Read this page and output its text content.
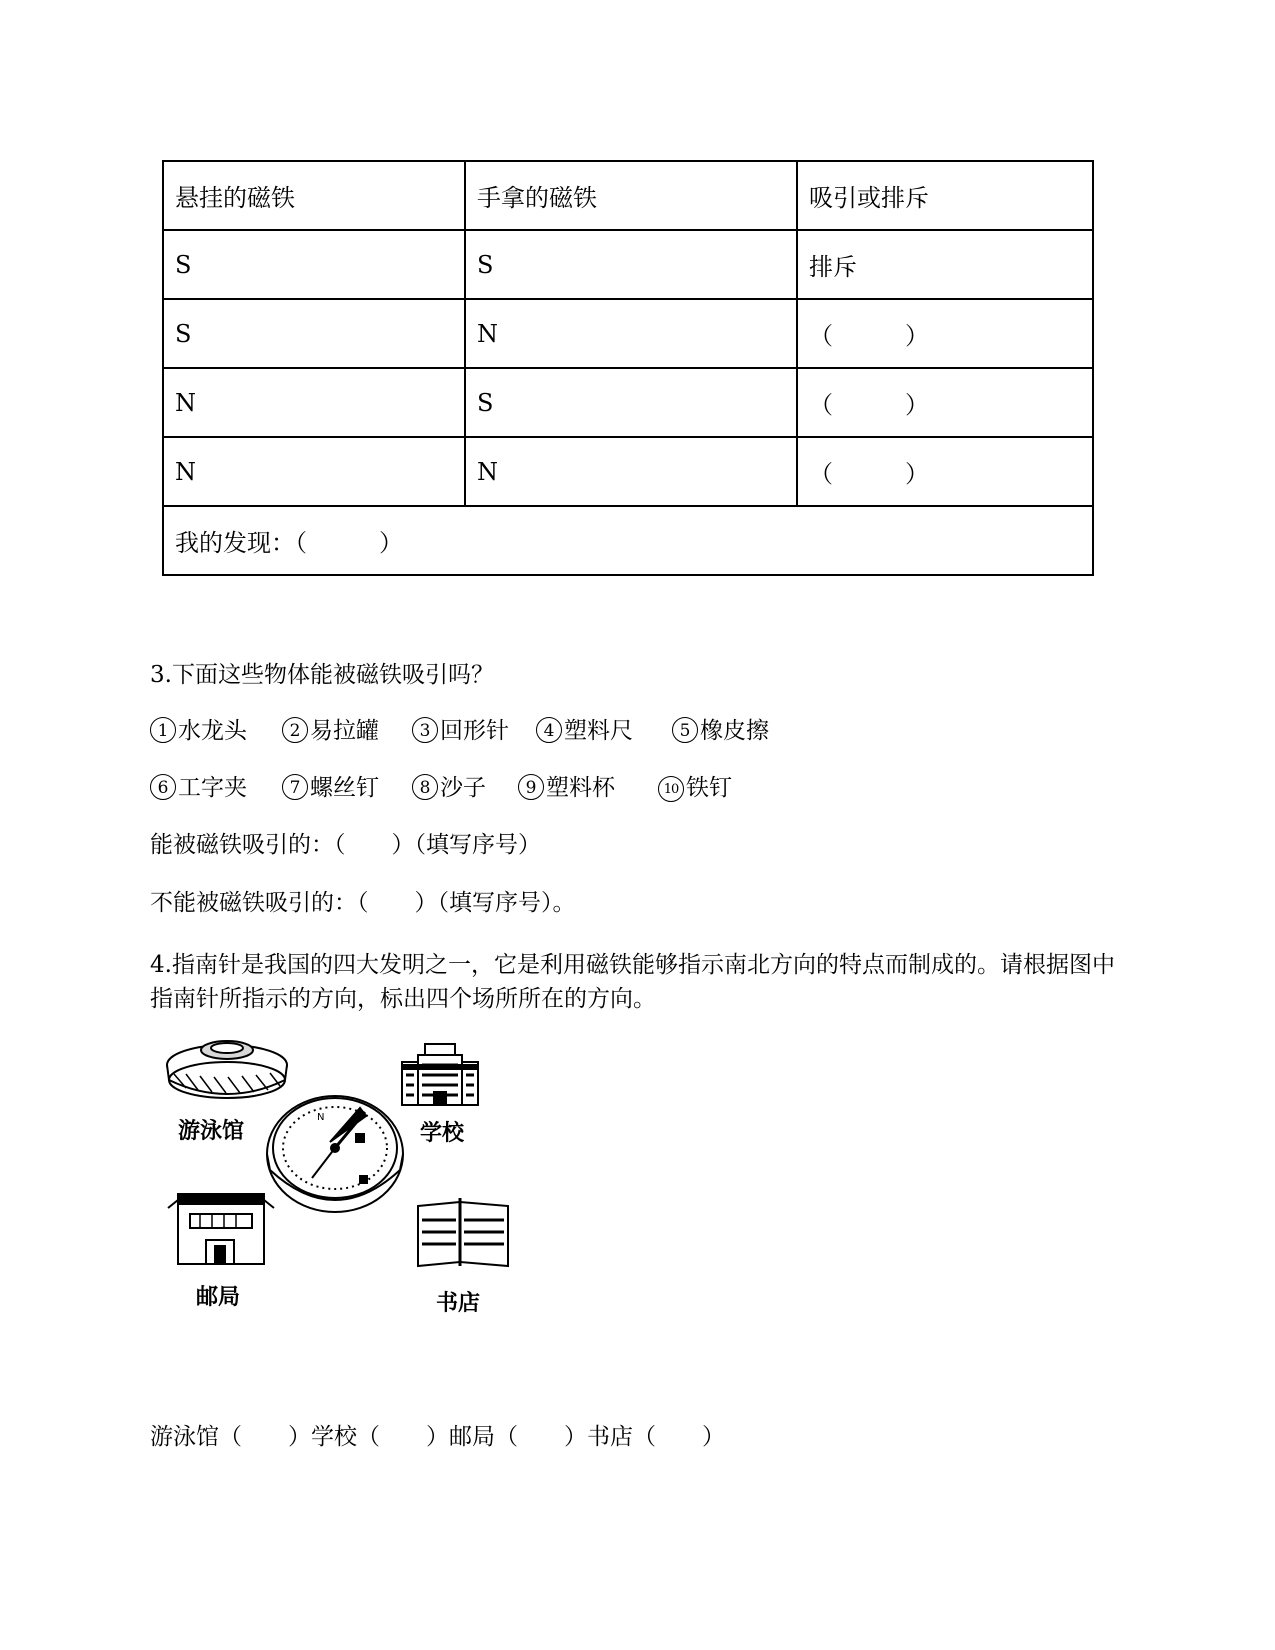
悬挂的磁铁	手拿的磁铁	吸引或排斥
S	S	排斥
S	N	（　　　）
N	S	（　　　）
N	N	（　　　）
我的发现：（　　　）		
3.下面这些物体能被磁铁吸引吗？
1 水龙头	2 易拉罐	3 回形针	4 塑料尺	5 橡皮擦
6 工字夹	7 螺丝钉	8 沙子	9 塑料杯	10 铁钉
能被磁铁吸引的：（　　）（填写序号）
不能被磁铁吸引的：（　　）（填写序号）。
4.指南针是我国的四大发明之一，它是利用磁铁能够指示南北方向的特点而制成的。请根据图中指南针所指示的方向，标出四个场所所在的方向。
N
游泳馆	学校
邮局	书店
游泳馆（　　）学校（　　）邮局（　　）书店（　　）
